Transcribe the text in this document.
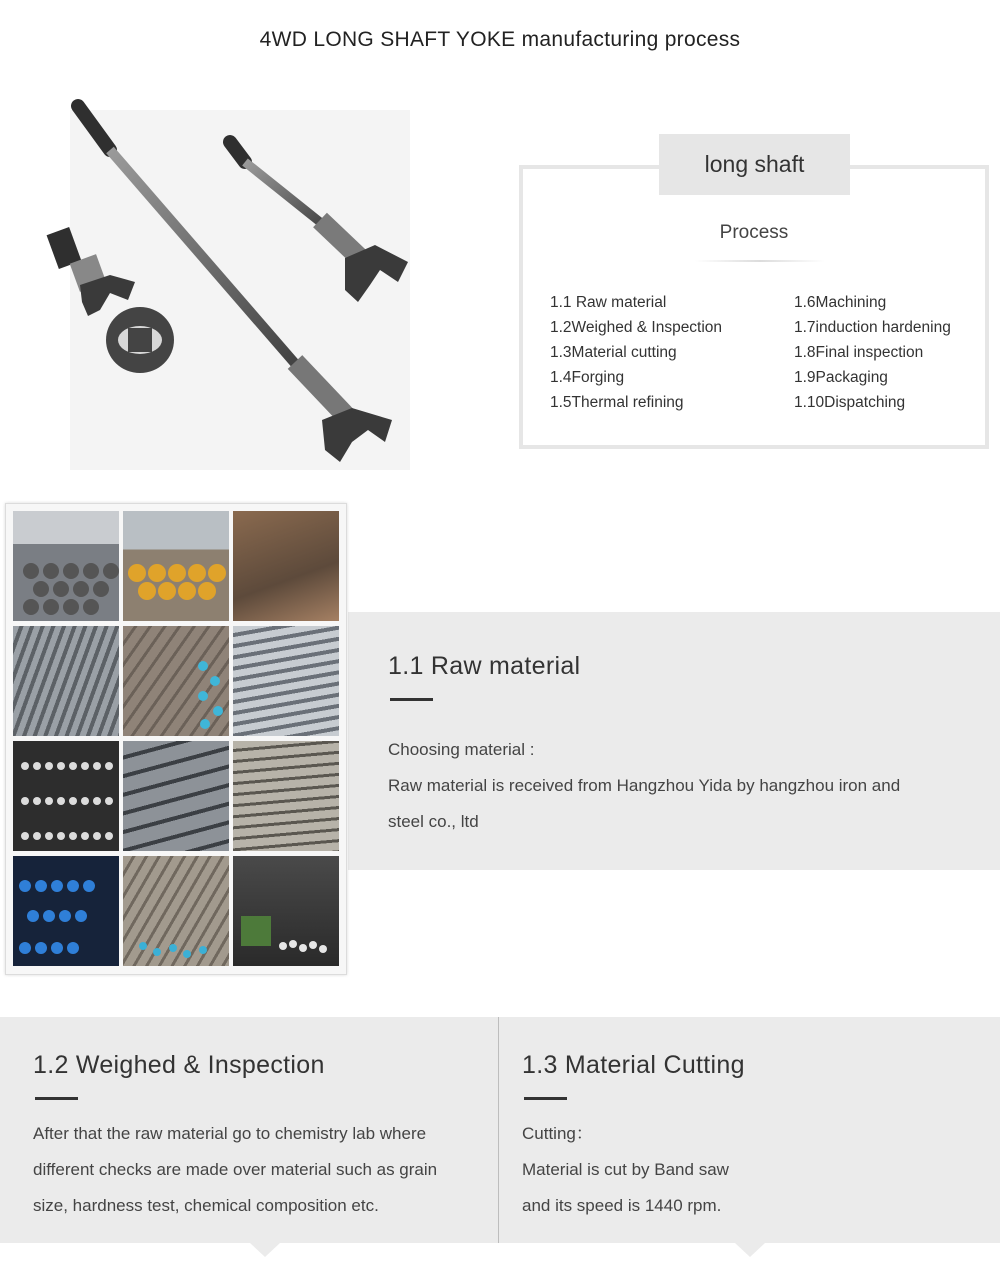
4WD LONG SHAFT YOKE manufacturing process
long shaft
Process
1.1 Raw material
1.2Weighed & Inspection
1.3Material cutting
1.4Forging
1.5Thermal refining
1.6Machining
1.7induction hardening
1.8Final inspection
1.9Packaging
1.10Dispatching
1.1 Raw material
Choosing material :
Raw material is received from Hangzhou Yida by hangzhou iron and
steel co., ltd
1.2 Weighed & Inspection
After that the raw material go to chemistry lab where
different checks are made over material such as grain
size, hardness test, chemical composition etc.
1.3 Material Cutting
Cutting：
Material is cut by Band saw
and its speed is 1440 rpm.
